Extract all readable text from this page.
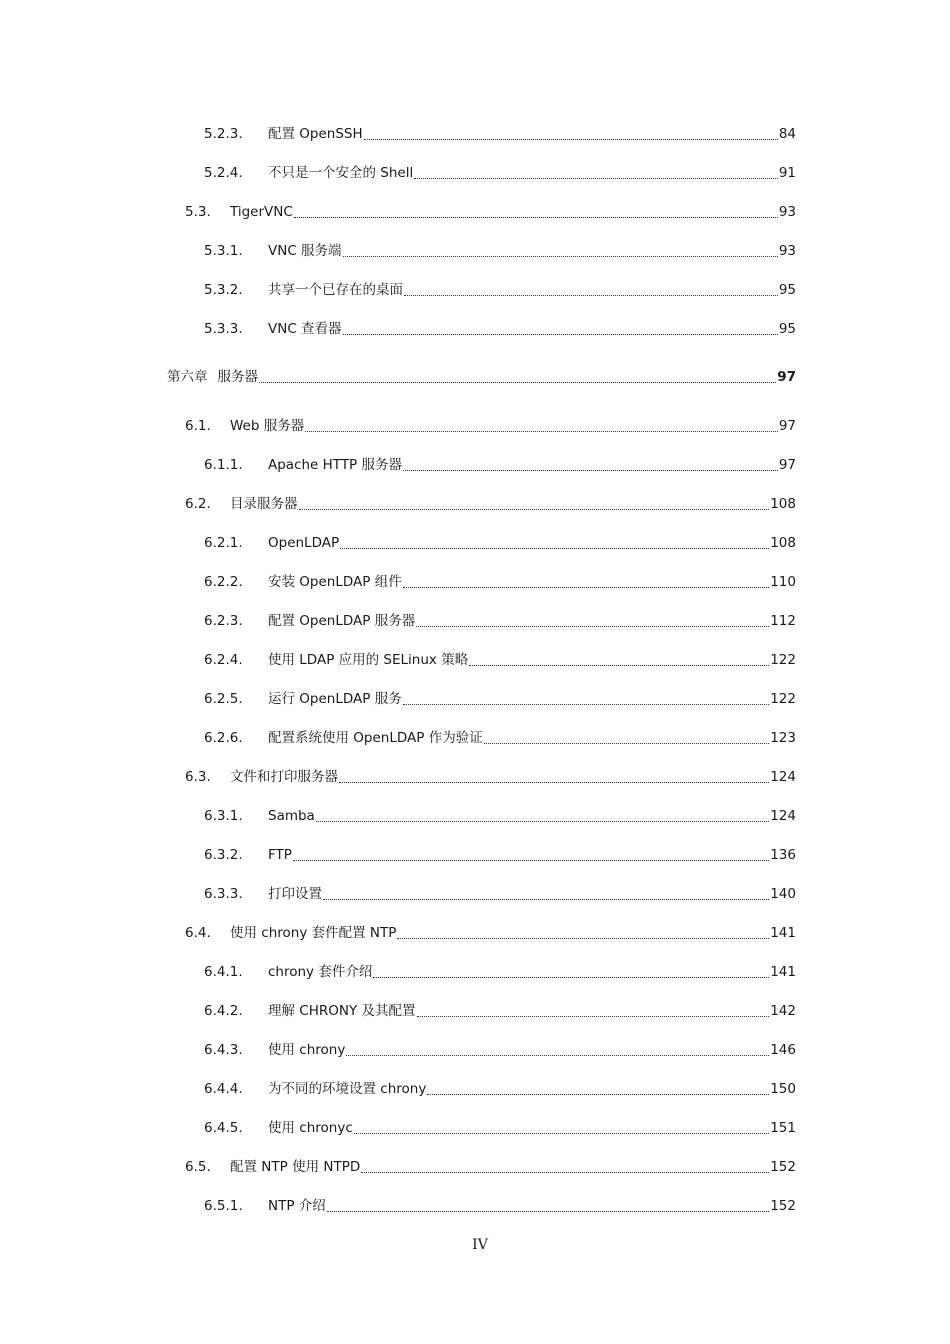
5.2.3.	配置 OpenSSH	84
5.2.4.	不只是一个安全的 Shell	91
5.3.	TigerVNC	93
5.3.1.	VNC 服务端	93
5.3.2.	共享一个已存在的桌面	95
5.3.3.	VNC 查看器	95
第六章 服务器	97
6.1.	Web 服务器	97
6.1.1.	Apache HTTP 服务器	97
6.2.	目录服务器	108
6.2.1.	OpenLDAP	108
6.2.2.	安装 OpenLDAP 组件	110
6.2.3.	配置 OpenLDAP 服务器	112
6.2.4.	使用 LDAP 应用的 SELinux 策略	122
6.2.5.	运行 OpenLDAP 服务	122
6.2.6.	配置系统使用 OpenLDAP 作为验证	123
6.3.	文件和打印服务器	124
6.3.1.	Samba	124
6.3.2.	FTP	136
6.3.3.	打印设置	140
6.4.	使用 chrony 套件配置 NTP	141
6.4.1.	chrony 套件介绍	141
6.4.2.	理解 CHRONY 及其配置	142
6.4.3.	使用 chrony	146
6.4.4.	为不同的环境设置 chrony	150
6.4.5.	使用 chronyc	151
6.5.	配置 NTP 使用 NTPD	152
6.5.1.	NTP 介绍	152
IV
